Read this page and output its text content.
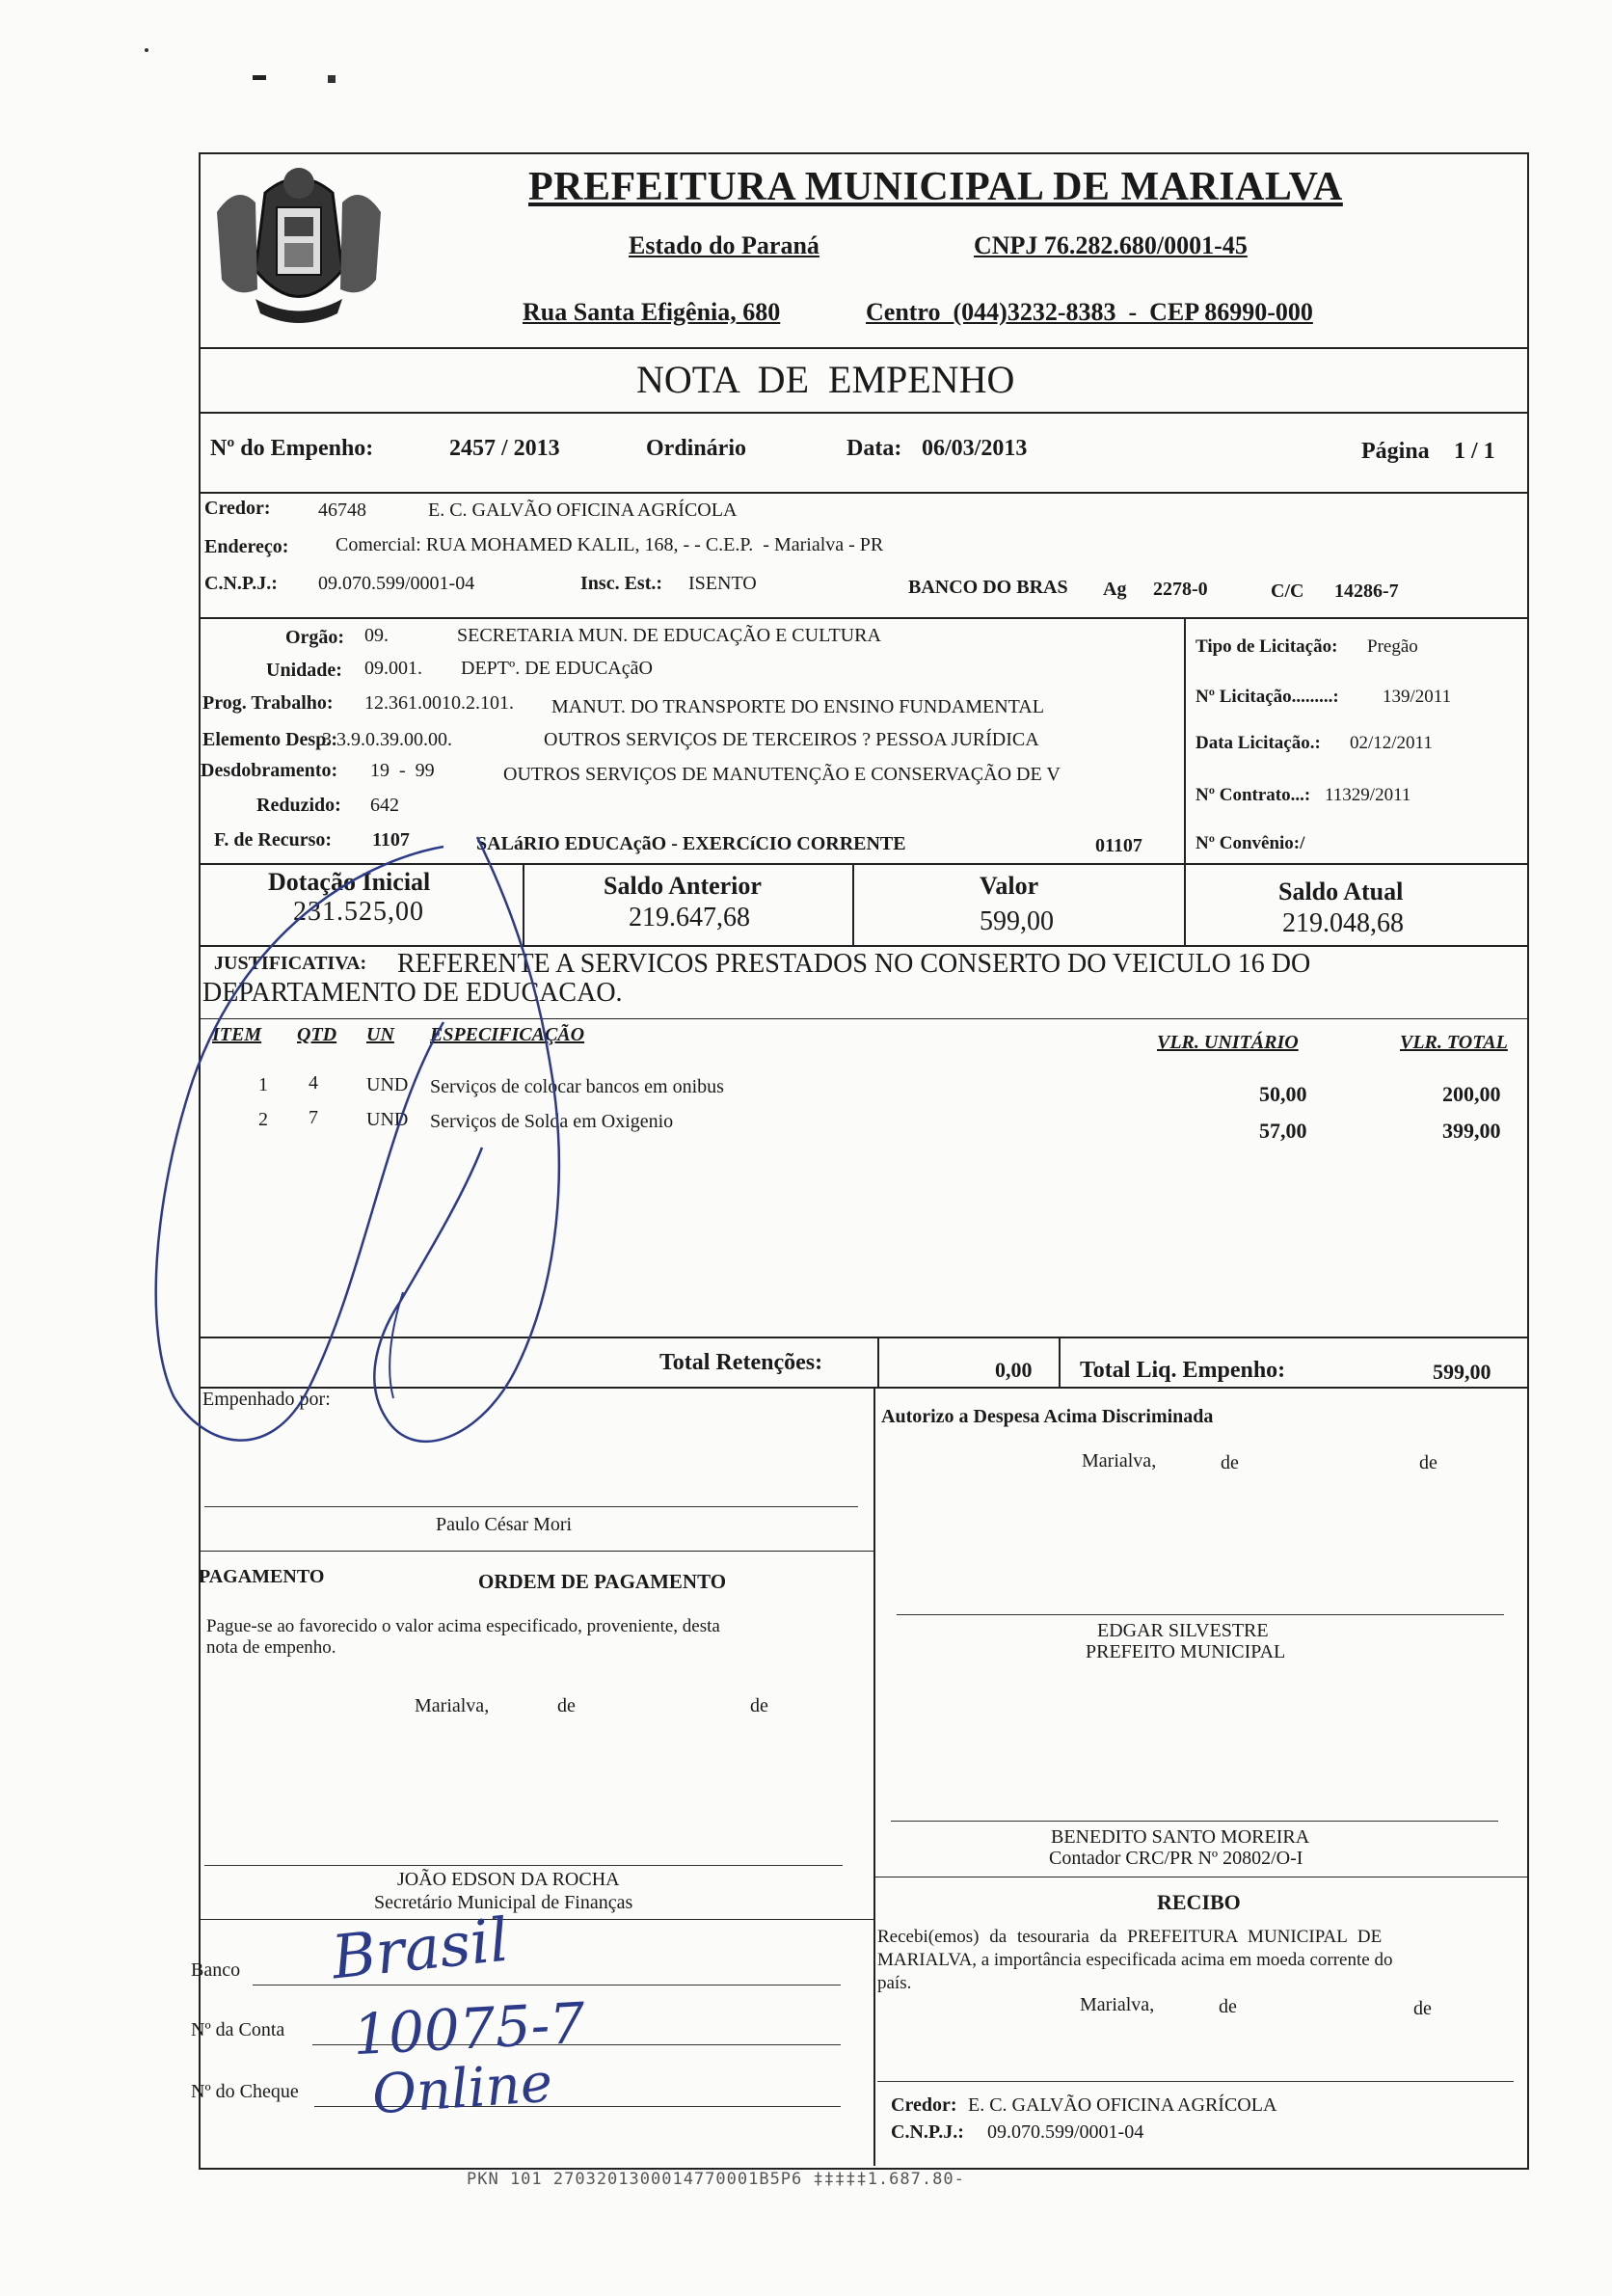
PREFEITURA MUNICIPAL DE MARIALVA
Estado do Paraná	CNPJ 76.282.680/0001-45
Rua Santa Efigênia, 680	Centro  (044)3232-8383  -  CEP 86990-000
NOTA  DE  EMPENHO
Nº do Empenho:	2457 / 2013	Ordinário	Data: 06/03/2013	Página 1 / 1
Credor: 46748	E. C. GALVÃO OFICINA AGRÍCOLA
Endereço: Comercial: RUA MOHAMED KALIL, 168, - - C.E.P.  - Marialva - PR
C.N.P.J.: 09.070.599/0001-04	Insc. Est.: ISENTO	BANCO DO BRAS Ag 2278-0	C/C 14286-7
Orgão: 09.	SECRETARIA MUN. DE EDUCAÇÃO E CULTURA
Unidade: 09.001. DEPTº. DE EDUCAçãO
Prog. Trabalho: 12.361.0010.2.101. MANUT. DO TRANSPORTE DO ENSINO FUNDAMENTAL
Elemento Desp.:
3.3.9.0.39.00.00.	OUTROS SERVIÇOS DE TERCEIROS ? PESSOA JURÍDICA
Desdobramento: 19  -  99	OUTROS SERVIÇOS DE MANUTENÇÃO E CONSERVAÇÃO DE V
Reduzido: 642
F. de Recurso: 1107	SALáRIO EDUCAçãO - EXERCíCIO CORRENTE	01107
Tipo de Licitação: Pregão
Nº Licitação.........: 139/2011
Data Licitação.: 02/12/2011
Nº Contrato...: 11329/2011
Nº Convênio:/
Dotação Inicial
231.525,00
Saldo Anterior
219.647,68
Valor
599,00
Saldo Atual
219.048,68
JUSTIFICATIVA: REFERENTE A SERVICOS PRESTADOS NO CONSERTO DO VEICULO 16 DO
DEPARTAMENTO DE EDUCACAO.
ITEM QTD UN ESPECIFICAÇÃO	VLR. UNITÁRIO	VLR. TOTAL
1 4	UND Serviços de colocar bancos em onibus	50,00	200,00
2 7	UND Serviços de Solda em Oxigenio	57,00	399,00
Total Retenções:	0,00 Total Liq. Empenho:	599,00
Empenhado por:
Paulo César Mori
Autorizo a Despesa Acima Discriminada
Marialva,	de	de
EDGAR SILVESTRE
PREFEITO MUNICIPAL
PAGAMENTO	ORDEM DE PAGAMENTO
Pague-se ao favorecido o valor acima especificado, proveniente, desta
nota de empenho.
Marialva,	de	de
BENEDITO SANTO MOREIRA
Contador CRC/PR Nº 20802/O-I
JOÃO EDSON DA ROCHA
Secretário Municipal de Finanças	RECIBO
Recebi(emos) da tesouraria da PREFEITURA MUNICIPAL DE
MARIALVA, a importância especificada acima em moeda corrente do
país.
Marialva,	de	de
Credor: E. C. GALVÃO OFICINA AGRÍCOLA
C.N.P.J.: 09.070.599/0001-04
Banco
Nº da Conta
Nº do Cheque
Brasil
10075-7
Online
PKN 101 2703201300014770001B5P6 ‡‡‡‡‡1.687.80-
